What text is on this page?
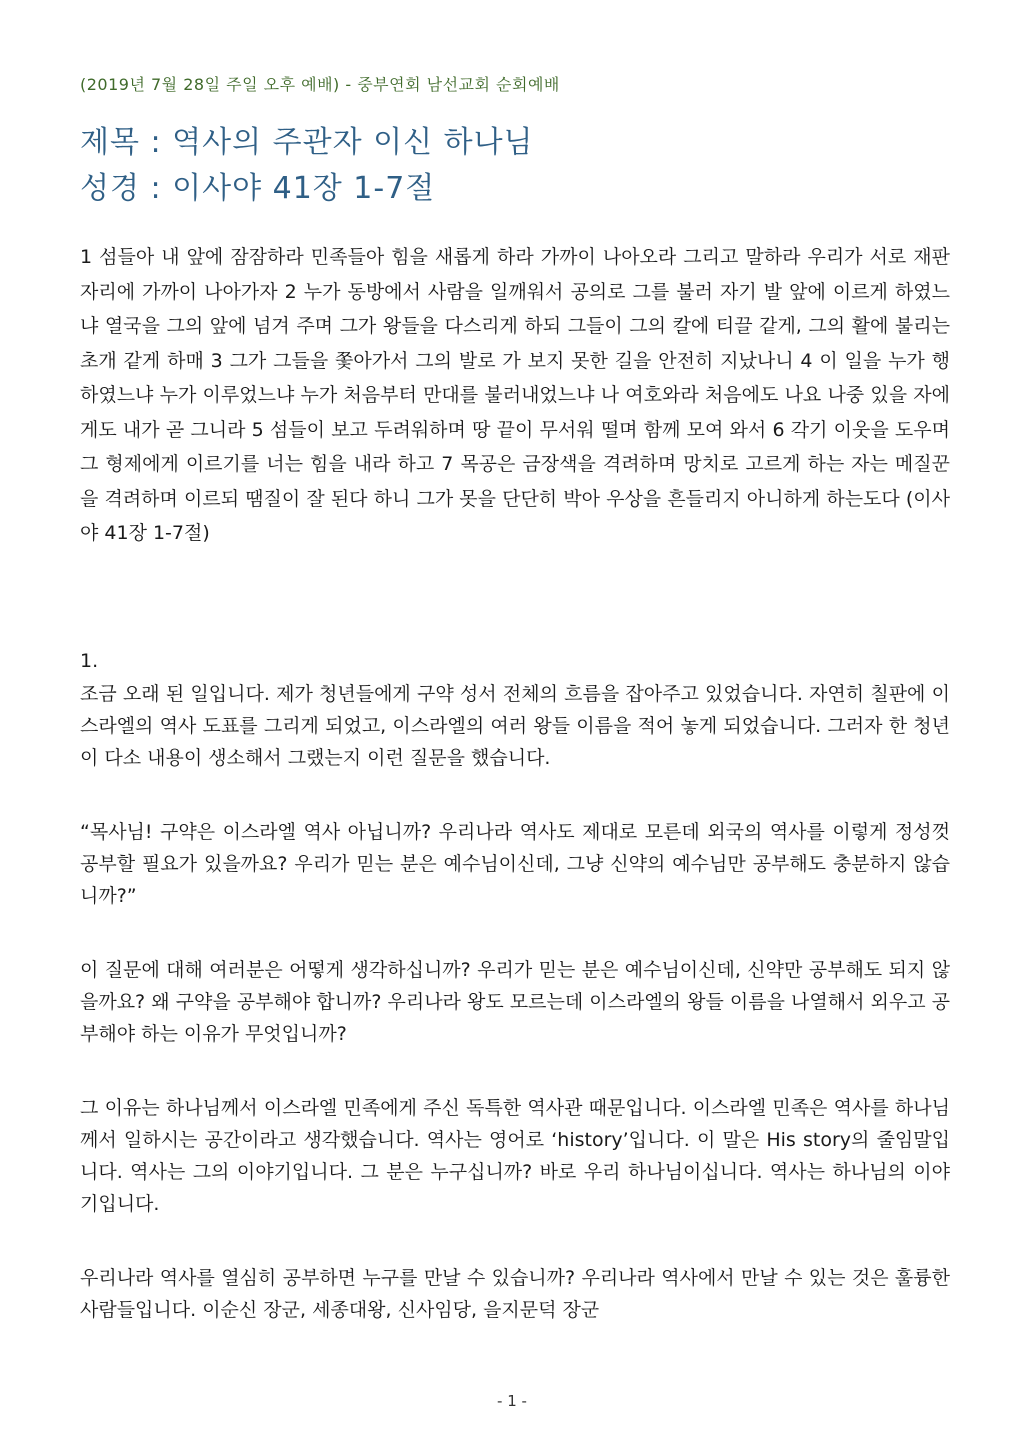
(2019년 7월 28일 주일 오후 예배) - 중부연회 남선교회 순회예배
제목 : 역사의 주관자 이신 하나님
성경 : 이사야 41장 1-7절
1 섬들아 내 앞에 잠잠하라 민족들아 힘을 새롭게 하라 가까이 나아오라 그리고 말하라 우리가 서로 재판 자리에 가까이 나아가자 2 누가 동방에서 사람을 일깨워서 공의로 그를 불러 자기 발 앞에 이르게 하였느냐 열국을 그의 앞에 넘겨 주며 그가 왕들을 다스리게 하되 그들이 그의 칼에 티끌 같게, 그의 활에 불리는 초개 같게 하매 3 그가 그들을 쫓아가서 그의 발로 가 보지 못한 길을 안전히 지났나니 4 이 일을 누가 행하였느냐 누가 이루었느냐 누가 처음부터 만대를 불러내었느냐 나 여호와라 처음에도 나요 나중 있을 자에게도 내가 곧 그니라 5 섬들이 보고 두려워하며 땅 끝이 무서워 떨며 함께 모여 와서 6 각기 이웃을 도우며 그 형제에게 이르기를 너는 힘을 내라 하고 7 목공은 금장색을 격려하며 망치로 고르게 하는 자는 메질꾼을 격려하며 이르되 땜질이 잘 된다 하니 그가 못을 단단히 박아 우상을 흔들리지 아니하게 하는도다 (이사야 41장 1-7절)
1.

조금 오래 된 일입니다. 제가 청년들에게 구약 성서 전체의 흐름을 잡아주고 있었습니다. 자연히 칠판에 이스라엘의 역사 도표를 그리게 되었고, 이스라엘의 여러 왕들 이름을 적어 놓게 되었습니다. 그러자 한 청년이 다소 내용이 생소해서 그랬는지 이런 질문을 했습니다.

“목사님! 구약은 이스라엘 역사 아닙니까? 우리나라 역사도 제대로 모른데 외국의 역사를 이렇게 정성껏 공부할 필요가 있을까요? 우리가 믿는 분은 예수님이신데, 그냥 신약의 예수님만 공부해도 충분하지 않습니까?”

이 질문에 대해 여러분은 어떻게 생각하십니까? 우리가 믿는 분은 예수님이신데, 신약만 공부해도 되지 않을까요? 왜 구약을 공부해야 합니까? 우리나라 왕도 모르는데 이스라엘의 왕들 이름을 나열해서 외우고 공부해야 하는 이유가 무엇입니까?

그 이유는 하나님께서 이스라엘 민족에게 주신 독특한 역사관 때문입니다. 이스라엘 민족은 역사를 하나님께서 일하시는 공간이라고 생각했습니다. 역사는 영어로 ‘history’입니다. 이 말은 His story의 줄임말입니다. 역사는 그의 이야기입니다. 그 분은 누구십니까? 바로 우리 하나님이십니다. 역사는 하나님의 이야기입니다.

우리나라 역사를 열심히 공부하면 누구를 만날 수 있습니까? 우리나라 역사에서 만날 수 있는 것은 훌륭한 사람들입니다. 이순신 장군, 세종대왕, 신사임당, 을지문덕 장군

- 1 -
